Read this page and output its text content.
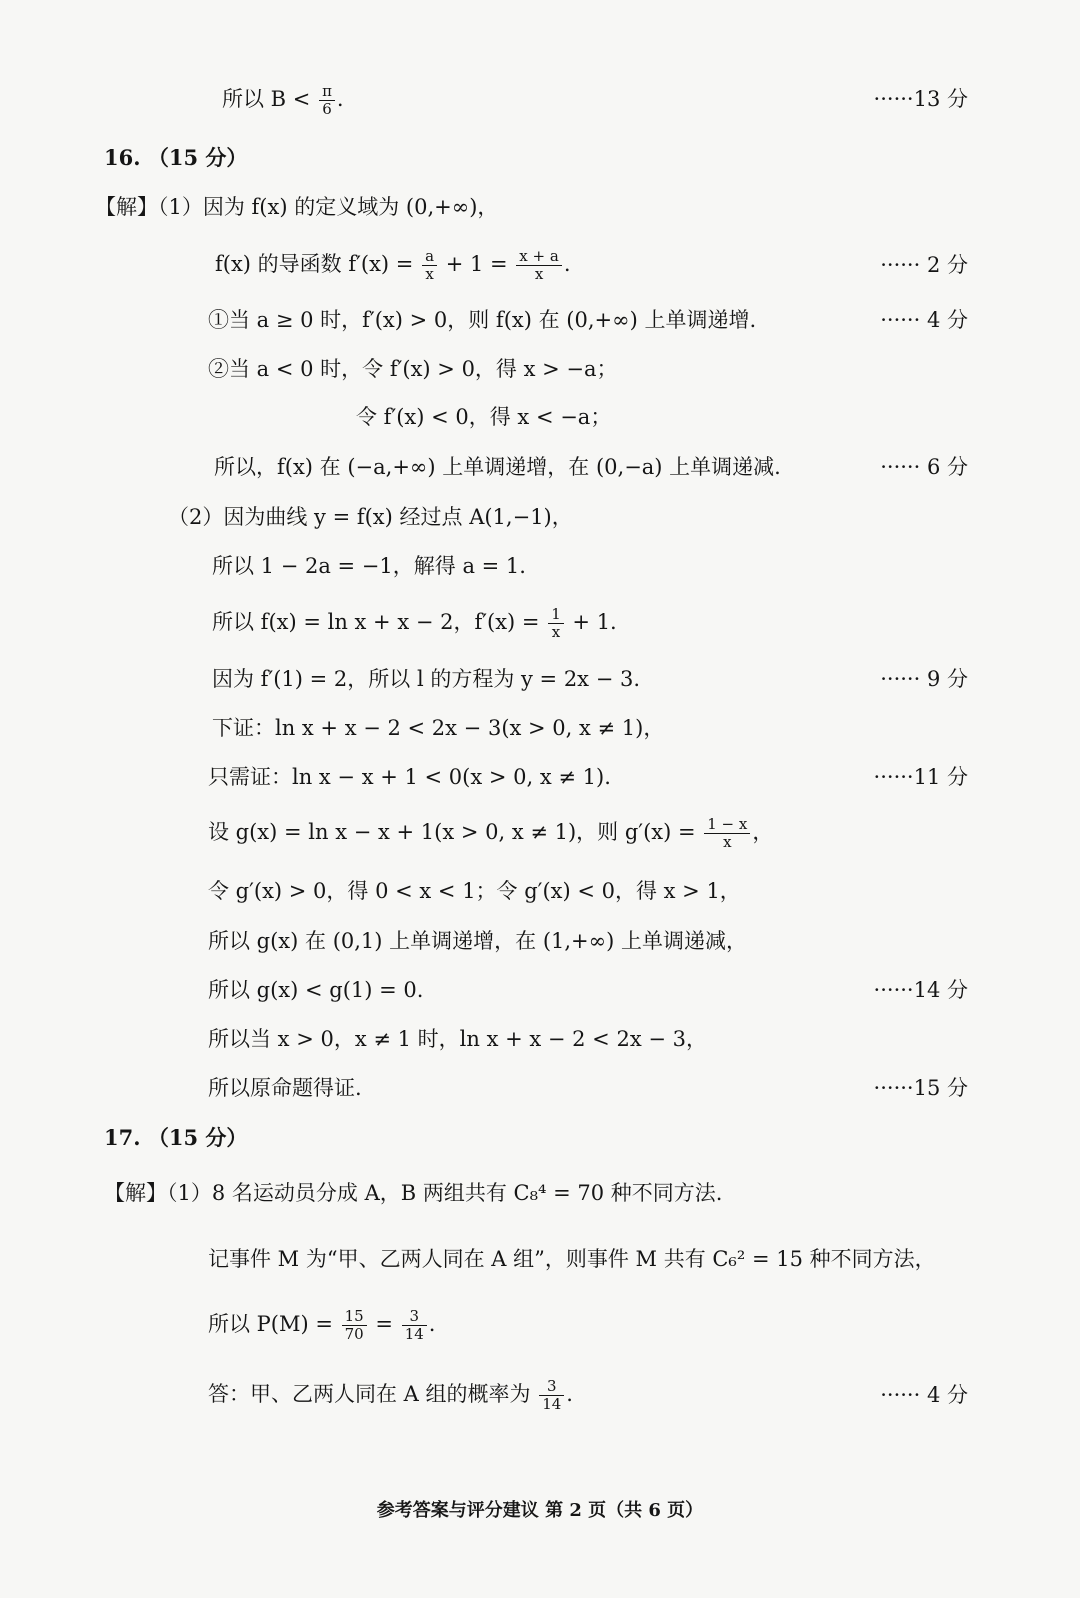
所以 $B < \frac{\pi}{6}$ .	······13 分
16. （15 分）
【解】（1）因为 f(x) 的定义域为 (0,+∞)，
f(x) 的导函数 $f'(x) = \frac{a}{x} + 1 = \frac{x + a}{x}$ .	······ 2 分
①当 a ≥ 0 时，f′(x) > 0，则 f(x) 在 (0,+∞) 上单调递增.	······ 4 分
②当 a < 0 时，令 f′(x) > 0，得 x > −a；
令 f′(x) < 0，得 x < −a；
所以，f(x) 在 (−a,+∞) 上单调递增，在 (0,−a) 上单调递减.	······ 6 分
（2）因为曲线 y = f(x) 经过点 A(1,−1)，
所以 1 − 2a = −1，解得 a = 1.
所以 f(x) = ln x + x − 2，$f'(x) = \frac{1}{x} + 1$.
因为 f′(1) = 2，所以 l 的方程为 y = 2x − 3.	······ 9 分
下证：ln x + x − 2 < 2x − 3(x > 0, x ≠ 1)，
只需证：ln x − x + 1 < 0(x > 0, x ≠ 1).	······11 分
设 g(x) = ln x − x + 1(x > 0, x ≠ 1)，则 $g'(x) = \frac{1 - x}{x}$ ，
令 g′(x) > 0，得 0 < x < 1；令 g′(x) < 0，得 x > 1，
所以 g(x) 在 (0,1) 上单调递增，在 (1,+∞) 上单调递减，
所以 g(x) < g(1) = 0.	······14 分
所以当 x > 0，x ≠ 1 时，ln x + x − 2 < 2x − 3，
所以原命题得证.	······15 分
17. （15 分）
【解】（1）8 名运动员分成 A，B 两组共有 C₈⁴ = 70 种不同方法.
记事件 M 为“甲、乙两人同在 A 组”，则事件 M 共有 C₆² = 15 种不同方法，
所以 $P(M) = \frac{15}{70} = \frac{3}{14}$ .
答：甲、乙两人同在 A 组的概率为 $\frac{3}{14}$ .	······ 4 分
参考答案与评分建议 第 2 页（共 6 页）
